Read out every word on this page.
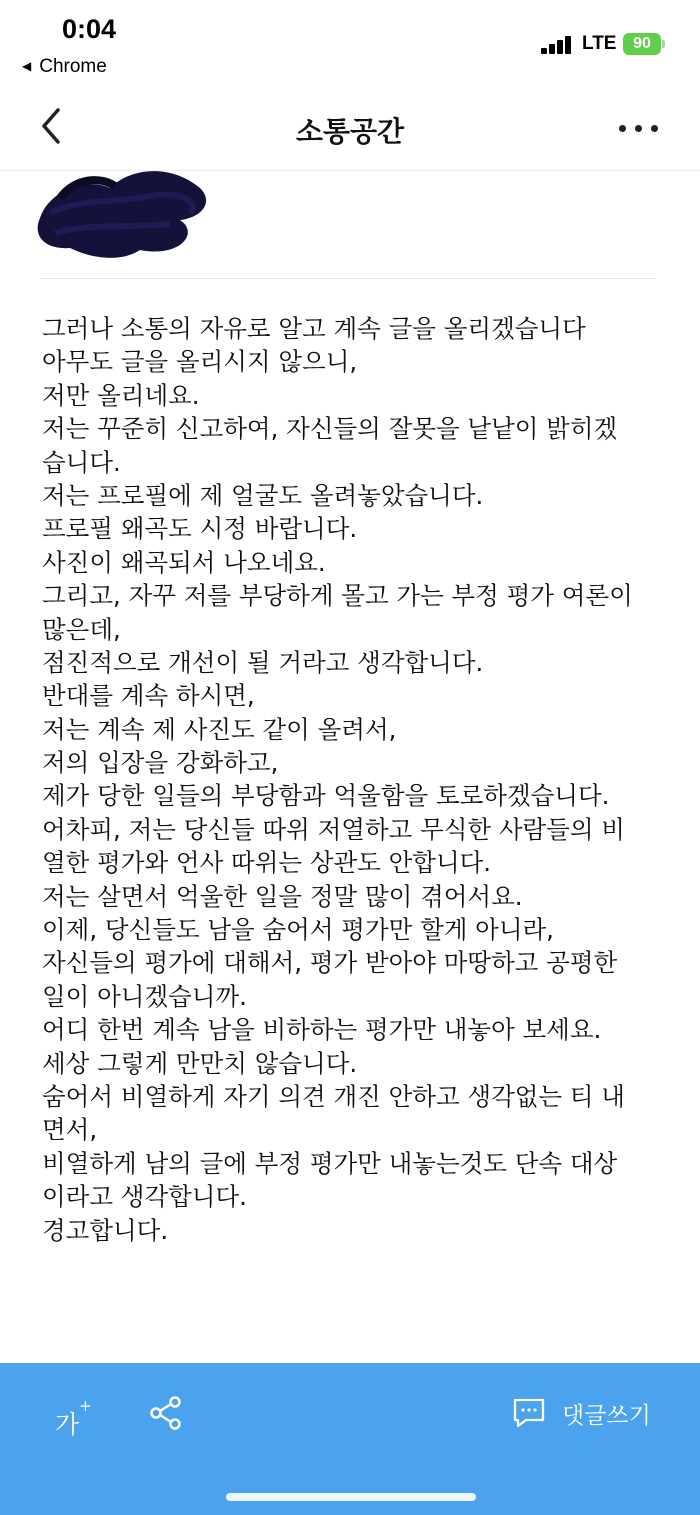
0:04
◀ Chrome
LTE	90
소통공간
그러나 소통의 자유로 알고 계속 글을 올리겠습니다
아무도 글을 올리시지 않으니,
저만 올리네요.
저는 꾸준히 신고하여, 자신들의 잘못을 낱낱이 밝히겠
습니다.
저는 프로필에 제 얼굴도 올려놓았습니다.
프로필 왜곡도 시정 바랍니다.
사진이 왜곡되서 나오네요.
그리고, 자꾸 저를 부당하게 몰고 가는 부정 평가 여론이
많은데,
점진적으로 개선이 될 거라고 생각합니다.
반대를 계속 하시면,
저는 계속 제 사진도 같이 올려서,
저의 입장을 강화하고,
제가 당한 일들의 부당함과 억울함을 토로하겠습니다.
어차피, 저는 당신들 따위 저열하고 무식한 사람들의 비
열한 평가와 언사 따위는 상관도 안합니다.
저는 살면서 억울한 일을 정말 많이 겪어서요.
이제, 당신들도 남을 숨어서 평가만 할게 아니라,
자신들의 평가에 대해서, 평가 받아야 마땅하고 공평한
일이 아니겠습니까.
어디 한번 계속 남을 비하하는 평가만 내놓아 보세요.
세상 그렇게 만만치 않습니다.
숨어서 비열하게 자기 의견 개진 안하고 생각없는 티 내
면서,
비열하게 남의 글에 부정 평가만 내놓는것도 단속 대상
이라고 생각합니다.
경고합니다.
가+	댓글쓰기
